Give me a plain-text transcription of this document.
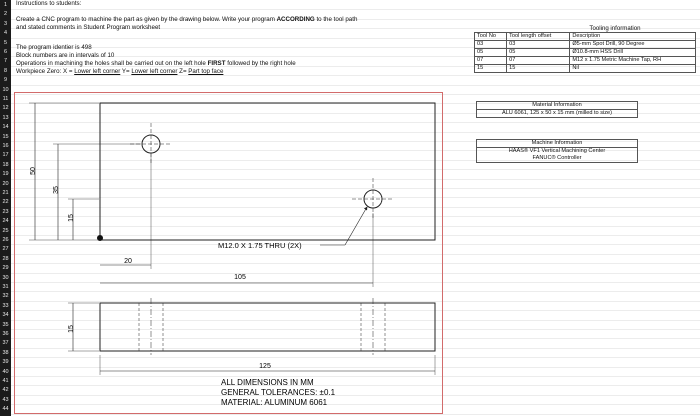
1
2
3
4
5
6
7
8
9
10
11
12
13
14
15
16
17
18
19
20
21
22
23
24
25
26
27
28
29
30
31
32
33
34
35
36
37
38
39
40
41
42
43
44
Instructions to students:
Create a CNC program to machine the part as given by the drawing below. Write your program ACCORDING to the tool path
and stated comments in Student Program worksheet
The program identier is 498
Block numbers are in intervals of 10
Operations in machining the holes shall be carried out on the left hole FIRST followed by the right hole
Workpiece Zero: X = Lower left corner Y= Lower left corner Z= Part top face
Tooling information
Tool No	Tool length offset	Description
03	03	Ø5-mm Spot Drill, 90 Degree
05	05	Ø10.8-mm HSS Drill
07	07	M12 x 1.75 Metric Machine Tap, RH
15	15	Nil
Material Information
ALU 6061, 125 x 50 x 15 mm (milled to size)
Machine Information
HAAS® VF1 Vertical Machining Center
FANUC® Controller
50
35
15
M12.0 X 1.75 THRU (2X)
20
105
15
125
ALL DIMENSIONS IN MM
GENERAL TOLERANCES: ±0.1
MATERIAL: ALUMINUM 6061
